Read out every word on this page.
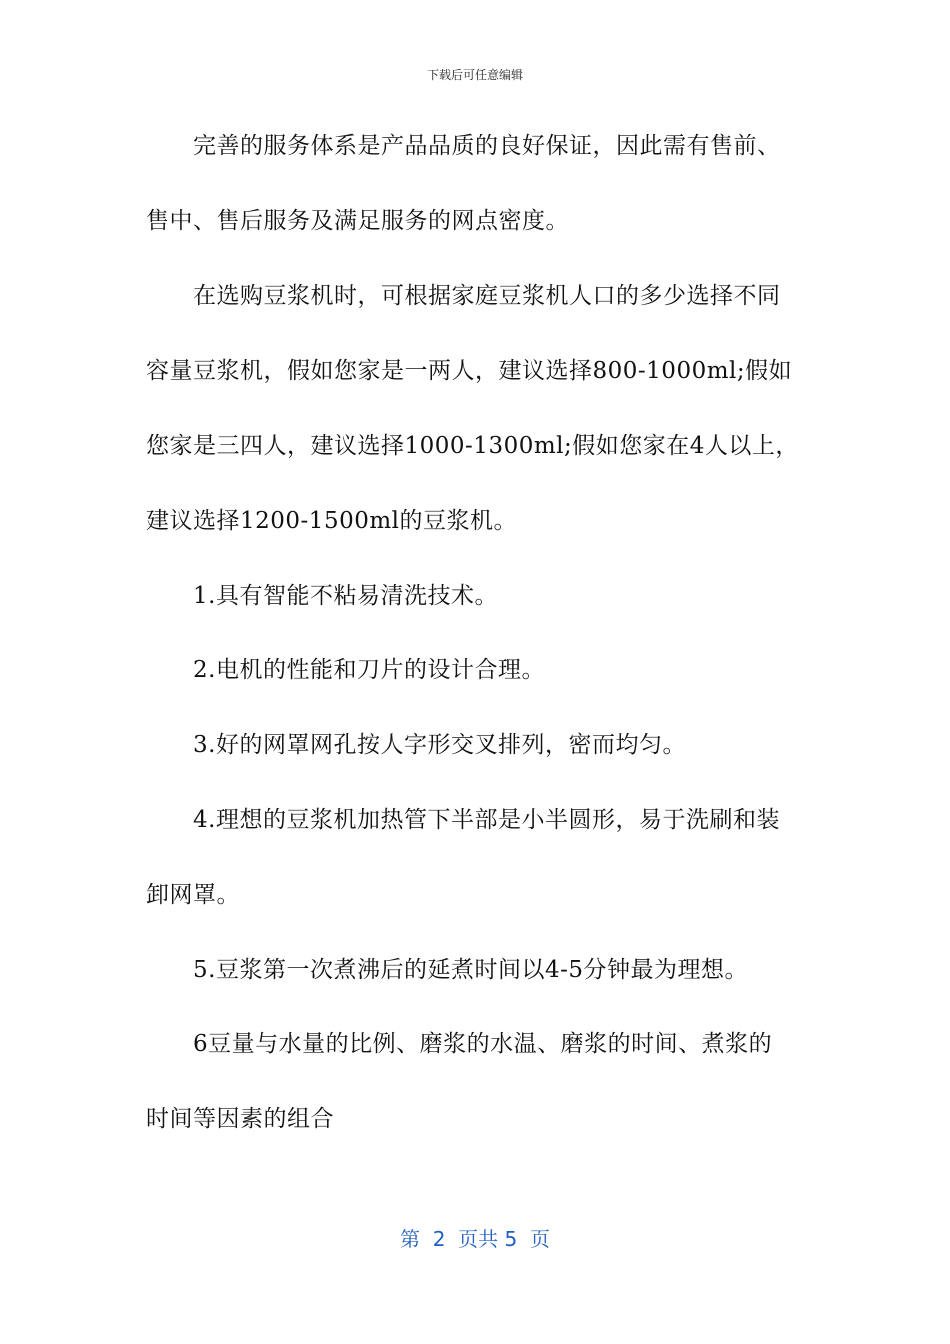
下载后可任意编辑
完善的服务体系是产品品质的良好保证，因此需有售前、
售中、售后服务及满足服务的网点密度。
在选购豆浆机时，可根据家庭豆浆机人口的多少选择不同
容量豆浆机，假如您家是一两人，建议选择800-1000ml;假如
您家是三四人，建议选择1000-1300ml;假如您家在4人以上，
建议选择1200-1500ml的豆浆机。
1.具有智能不粘易清洗技术。
2.电机的性能和刀片的设计合理。
3.好的网罩网孔按人字形交叉排列，密而均匀。
4.理想的豆浆机加热管下半部是小半圆形，易于洗刷和装
卸网罩。
5.豆浆第一次煮沸后的延煮时间以4-5分钟最为理想。
6豆量与水量的比例、磨浆的水温、磨浆的时间、煮浆的
时间等因素的组合
第  2  页共 5  页
